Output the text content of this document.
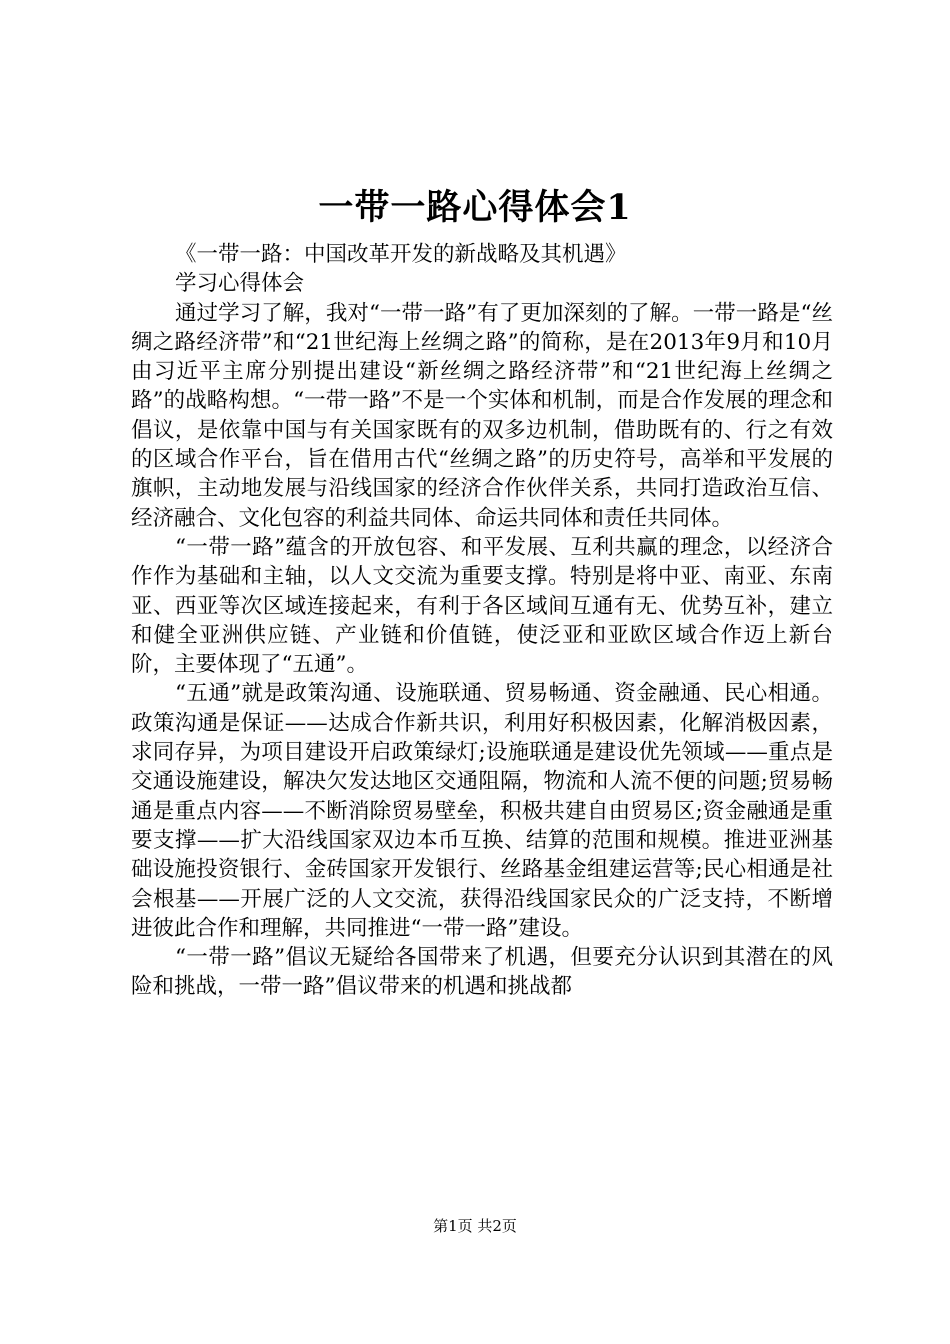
一带一路心得体会1

《一带一路：中国改革开发的新战略及其机遇》

学习心得体会

通过学习了解，我对“一带一路”有了更加深刻的了解。一带一路是“丝绸之路经济带”和“21世纪海上丝绸之路”的简称，是在2013年9月和10月由习近平主席分别提出建设“新丝绸之路经济带”和“21世纪海上丝绸之路”的战略构想。“一带一路”不是一个实体和机制，而是合作发展的理念和倡议，是依靠中国与有关国家既有的双多边机制，借助既有的、行之有效的区域合作平台，旨在借用古代“丝绸之路”的历史符号，高举和平发展的旗帜，主动地发展与沿线国家的经济合作伙伴关系，共同打造政治互信、经济融合、文化包容的利益共同体、命运共同体和责任共同体。

“一带一路”蕴含的开放包容、和平发展、互利共赢的理念，以经济合作作为基础和主轴，以人文交流为重要支撑。特别是将中亚、南亚、东南亚、西亚等次区域连接起来，有利于各区域间互通有无、优势互补，建立和健全亚洲供应链、产业链和价值链，使泛亚和亚欧区域合作迈上新台阶，主要体现了“五通”。

“五通”就是政策沟通、设施联通、贸易畅通、资金融通、民心相通。政策沟通是保证——达成合作新共识，利用好积极因素，化解消极因素，求同存异，为项目建设开启政策绿灯;设施联通是建设优先领域——重点是交通设施建设，解决欠发达地区交通阻隔，物流和人流不便的问题;贸易畅通是重点内容——不断消除贸易壁垒，积极共建自由贸易区;资金融通是重要支撑——扩大沿线国家双边本币互换、结算的范围和规模。推进亚洲基础设施投资银行、金砖国家开发银行、丝路基金组建运营等;民心相通是社会根基——开展广泛的人文交流，获得沿线国家民众的广泛支持，不断增进彼此合作和理解，共同推进“一带一路”建设。

“一带一路”倡议无疑给各国带来了机遇，但要充分认识到其潜在的风险和挑战，一带一路”倡议带来的机遇和挑战都

第1页 共2页
